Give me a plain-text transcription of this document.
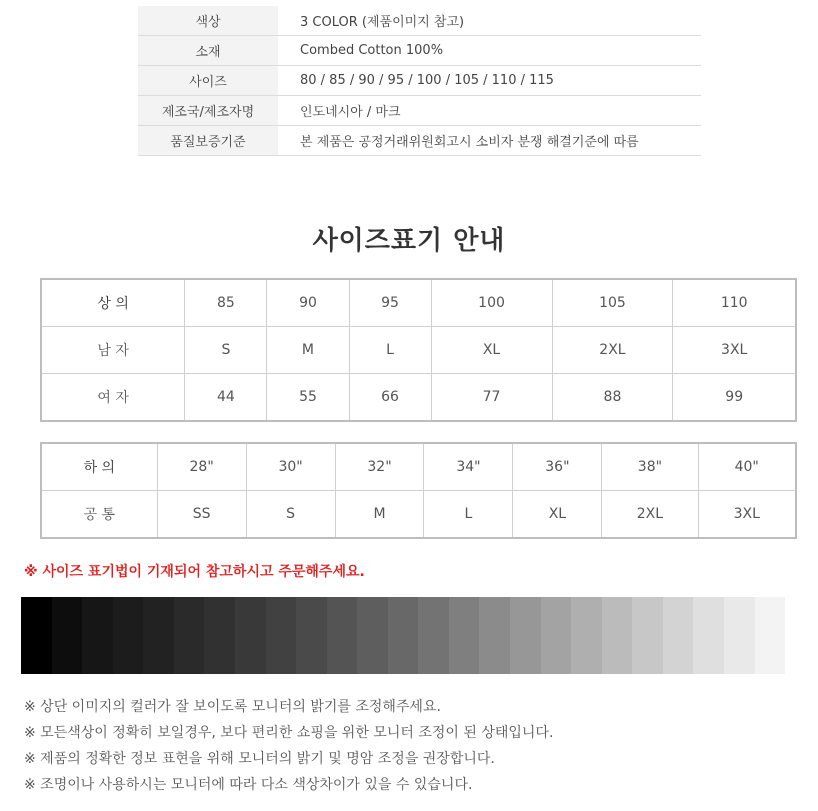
색상	3 COLOR (제품이미지 참고)
소재	Combed Cotton 100%
사이즈	80 / 85 / 90 / 95 / 100 / 105 / 110 / 115
제조국/제조자명	인도네시아 / 마크
품질보증기준	본 제품은 공정거래위원회고시 소비자 분쟁 해결기준에 따름
사이즈표기 안내
상 의	85	90	95	100	105	110
남 자	S	M	L	XL	2XL	3XL
여 자	44	55	66	77	88	99
하 의	28"	30"	32"	34"	36"	38"	40"
공 통	SS	S	M	L	XL	2XL	3XL
※ 사이즈 표기법이 기재되어 참고하시고 주문해주세요.
※ 상단 이미지의 컬러가 잘 보이도록 모니터의 밝기를 조정해주세요.
※ 모든색상이 정확히 보일경우, 보다 편리한 쇼핑을 위한 모니터 조정이 된 상태입니다.
※ 제품의 정확한 정보 표현을 위해 모니터의 밝기 및 명암 조정을 권장합니다.
※ 조명이나 사용하시는 모니터에 따라 다소 색상차이가 있을 수 있습니다.
